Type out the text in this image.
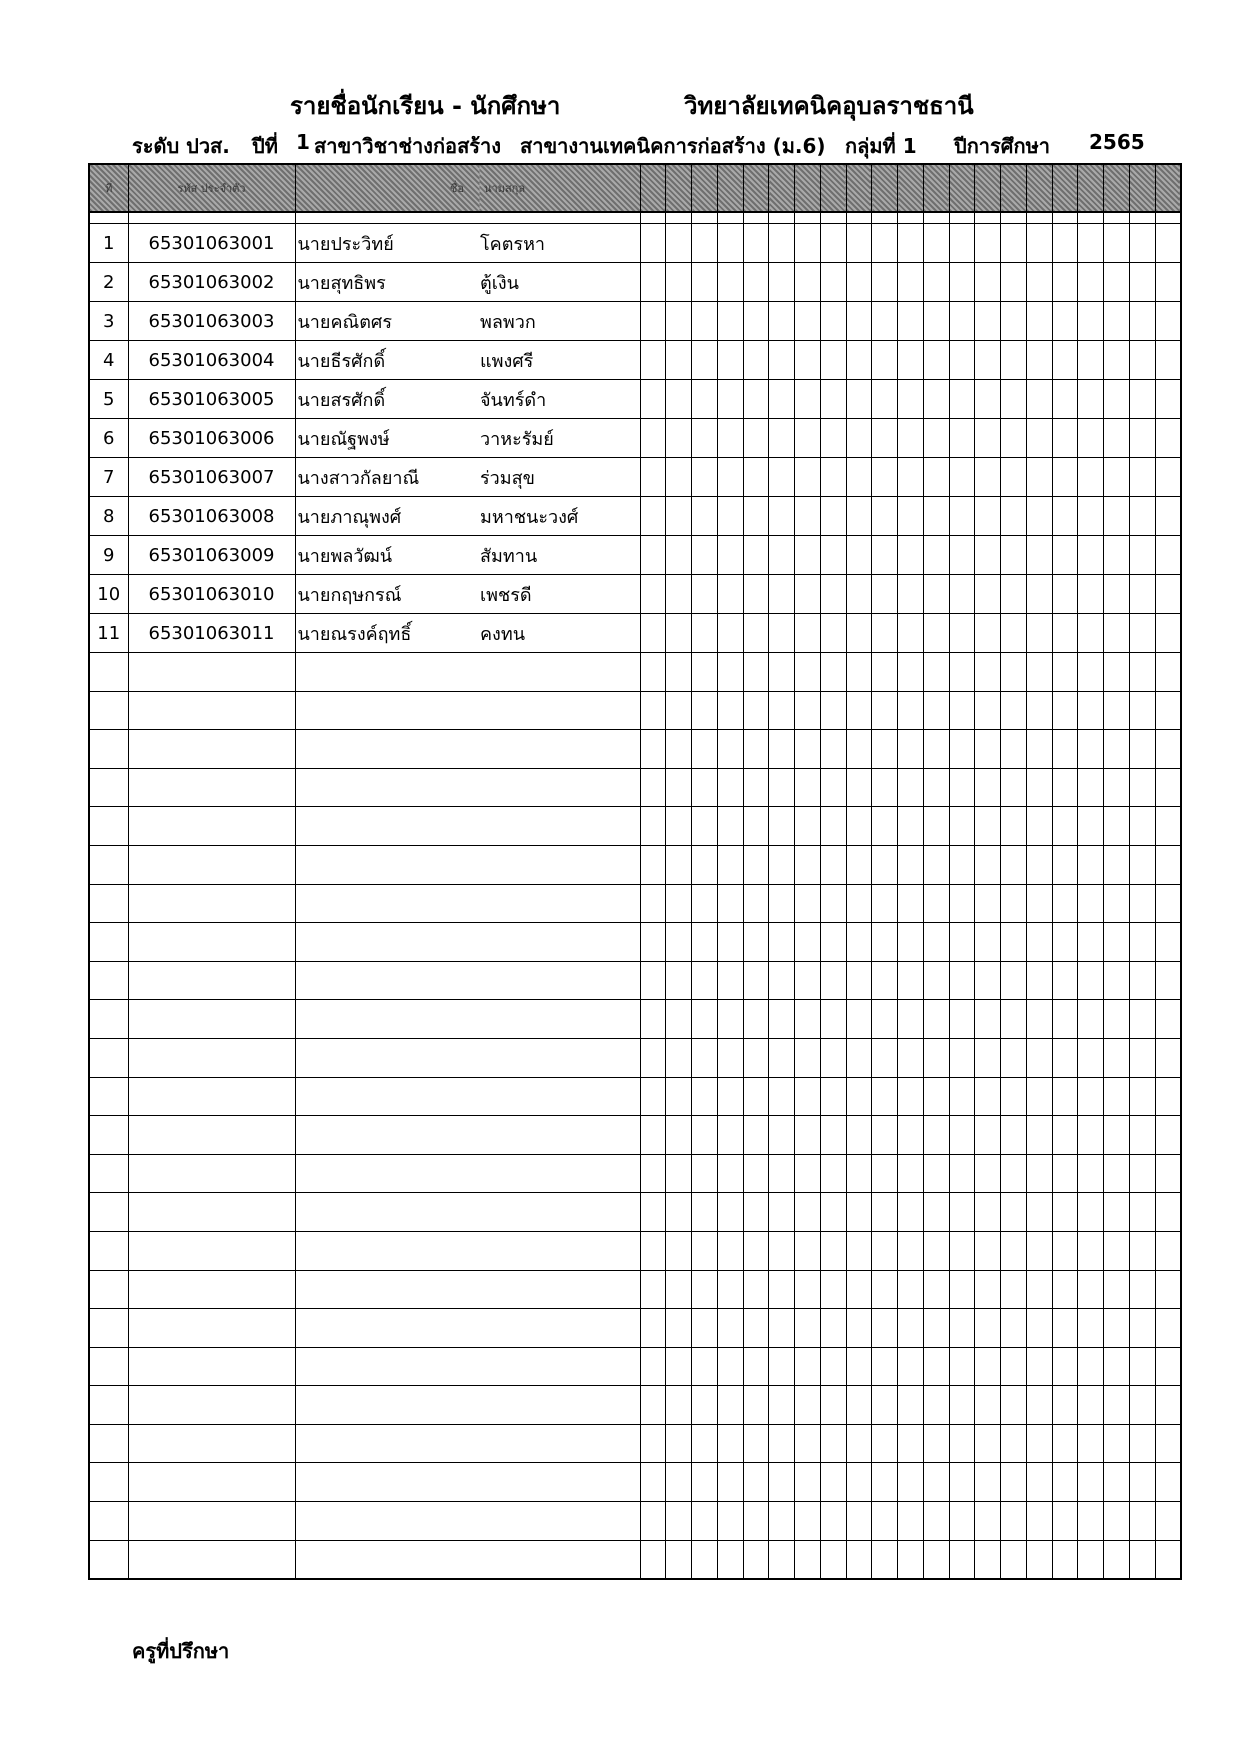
รายชื่อนักเรียน - นักศึกษา	วิทยาลัยเทคนิคอุบลราชธานี
ระดับ ปวส. ปีที่ 1 สาขาวิชาช่างก่อสร้าง สาขางานเทคนิคการก่อสร้าง (ม.6) กลุ่มที่ 1 ปีการศึกษา 2565
ที่	รหัส ประจำตัว	ชื่อ	นามสกุล																					

1	65301063001	นายประวิทย์	โคตรหา																					
2	65301063002	นายสุทธิพร	ตู้เงิน																					
3	65301063003	นายคณิตศร	พลพวก																					
4	65301063004	นายธีรศักดิ์	แพงศรี																					
5	65301063005	นายสรศักดิ์	จันทร์ดำ																					
6	65301063006	นายณัฐพงษ์	วาหะรัมย์																					
7	65301063007	นางสาวกัลยาณี	ร่วมสุข																					
8	65301063008	นายภาณุพงศ์	มหาชนะวงศ์																					
9	65301063009	นายพลวัฒน์	สัมทาน																					
10	65301063010	นายกฤษกรณ์	เพชรดี																					
11	65301063011	นายณรงค์ฤทธิ์	คงทน																					

ครูที่ปรึกษา
